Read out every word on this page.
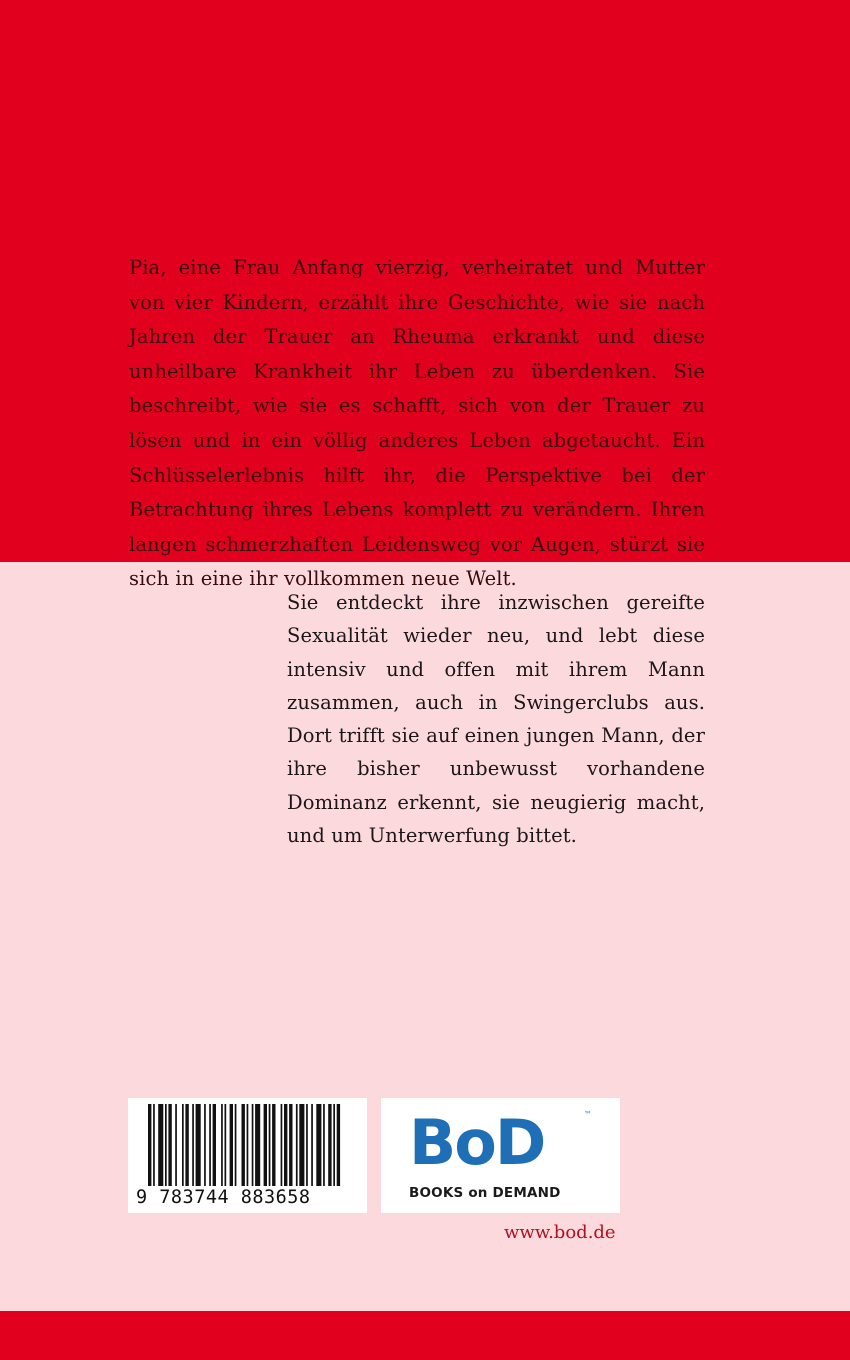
Pia, eine Frau Anfang vierzig, verheiratet und Mutter von vier Kindern, erzählt ihre Geschichte, wie sie nach Jahren der Trauer an Rheuma erkrankt und diese unheilbare Krankheit ihr Leben zu überdenken. Sie beschreibt, wie sie es schafft, sich von der Trauer zu lösen und in ein völlig anderes Leben abgetaucht. Ein Schlüsselerlebnis hilft ihr, die Perspektive bei der Betrachtung ihres Lebens komplett zu verändern. Ihren langen schmerzhaften Leidensweg vor Augen, stürzt sie sich in eine ihr vollkommen neue Welt.

Sie entdeckt ihre inzwischen gereifte Sexualität wieder neu, und lebt diese intensiv und offen mit ihrem Mann zusammen, auch in Swingerclubs aus. Dort trifft sie auf einen jungen Mann, der ihre bisher unbewusst vorhandene Dominanz erkennt, sie neugierig macht, und um Unterwerfung bittet.

9 783744 883658
BoD	™
BOOKS on DEMAND
www.bod.de
